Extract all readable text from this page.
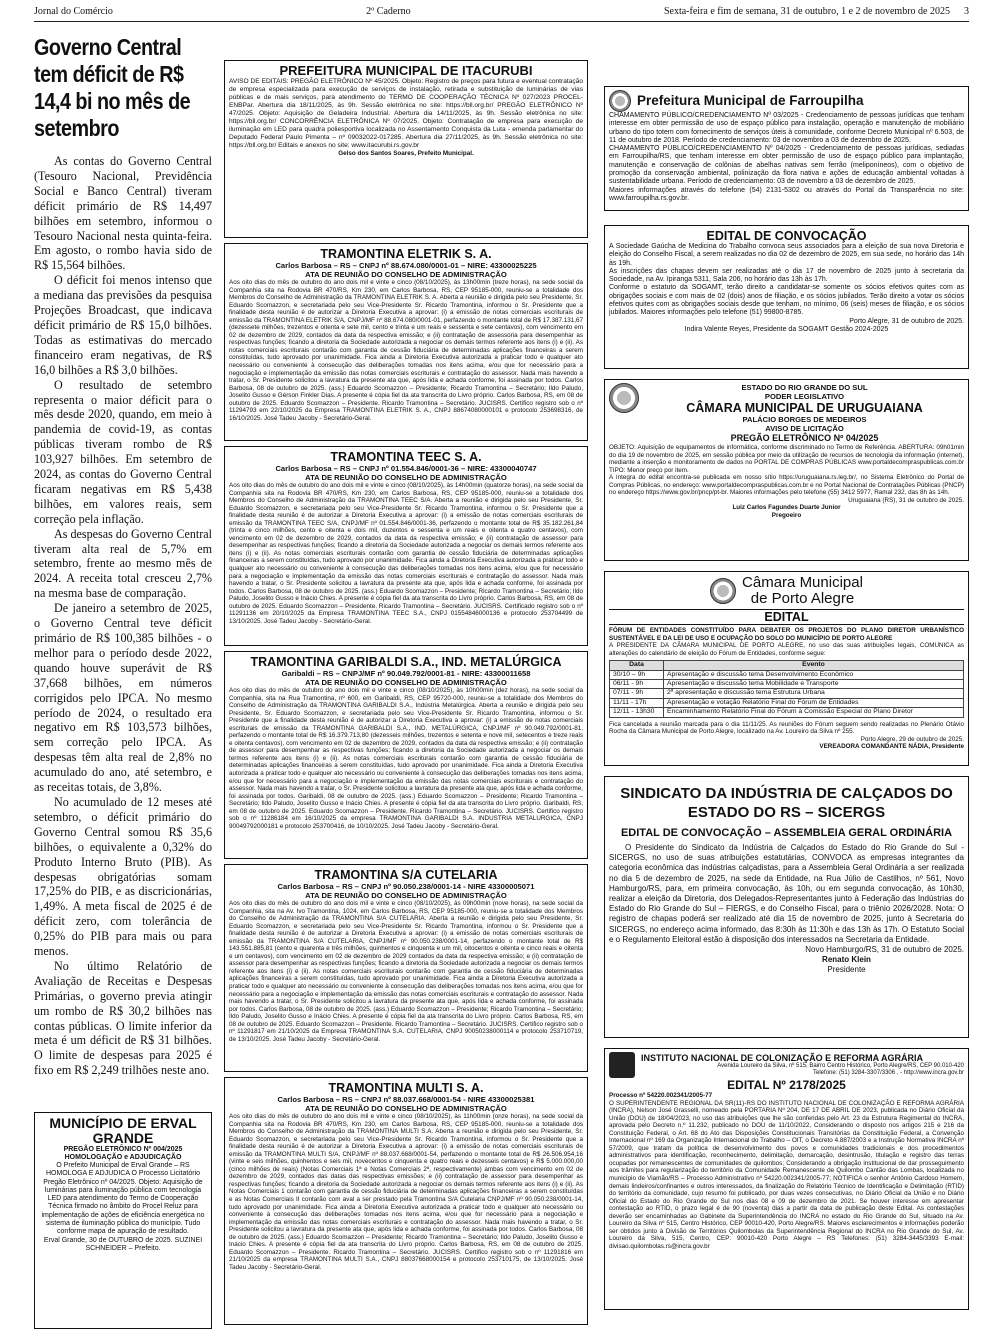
Jornal do Comércio	2º Caderno	Sexta-feira e fim de semana, 31 de outubro, 1 e 2 de novembro de 2025 3
Governo Central tem déficit de R$ 14,4 bi no mês de setembro

As contas do Governo Central (Tesouro Nacional, Previdência Social e Banco Central) tiveram déficit primário de R$ 14,497 bilhões em setembro, informou o Tesouro Nacional nesta quinta-feira. Em agosto, o rombo havia sido de R$ 15,564 bilhões.

O déficit foi menos intenso que a mediana das previsões da pesquisa Projeções Broadcast, que indicava déficit primário de R$ 15,0 bilhões. Todas as estimativas do mercado financeiro eram negativas, de R$ 16,0 bilhões a R$ 3,0 bilhões.

O resultado de setembro representa o maior déficit para o mês desde 2020, quando, em meio à pandemia de covid-19, as contas públicas tiveram rombo de R$ 103,927 bilhões. Em setembro de 2024, as contas do Governo Central ficaram negativas em R$ 5,438 bilhões, em valores reais, sem correção pela inflação.

As despesas do Governo Central tiveram alta real de 5,7% em setembro, frente ao mesmo mês de 2024. A receita total cresceu 2,7% na mesma base de comparação.

De janeiro a setembro de 2025, o Governo Central teve déficit primário de R$ 100,385 bilhões - o melhor para o período desde 2022, quando houve superávit de R$ 37,668 bilhões, em números corrigidos pelo IPCA. No mesmo período de 2024, o resultado era negativo em R$ 103,573 bilhões, sem correção pelo IPCA. As despesas têm alta real de 2,8% no acumulado do ano, até setembro, e as receitas totais, de 3,8%.

No acumulado de 12 meses até setembro, o déficit primário do Governo Central somou R$ 35,6 bilhões, o equivalente a 0,32% do Produto Interno Bruto (PIB). As despesas obrigatórias somam 17,25% do PIB, e as discricionárias, 1,49%. A meta fiscal de 2025 é de déficit zero, com tolerância de 0,25% do PIB para mais ou para menos.

No último Relatório de Avaliação de Receitas e Despesas Primárias, o governo previa atingir um rombo de R$ 30,2 bilhões nas contas públicas. O limite inferior da meta é um déficit de R$ 31 bilhões. O limite de despesas para 2025 é fixo em R$ 2,249 trilhões neste ano.

MUNICÍPIO DE ERVAL GRANDE
PREGÃO ELETRÔNICO Nº 004/2025 HOMOLOGAÇÃO e ADJUDICAÇÃO
O Prefeito Municipal de Erval Grande – RS HOMOLOGA E ADJUDICA O Processo Licitatório Pregão Eletrônico nº 04/2025. Objeto: Aquisição de luminárias para iluminação pública com tecnologia LED para atendimento do Termo de Cooperação Técnica firmado no âmbito do Procel Reluz para implementação de ações de eficiência energética no sistema de iluminação pública do município. Tudo conforme mapa de apuração de resultado.
Erval Grande, 30 de OUTUBRO de 2025. SUZINEI SCHNEIDER – Prefeito.
PREFEITURA MUNICIPAL DE ITACURUBI
AVISO DE EDITAIS: PREGÃO ELETRÔNICO Nº 45/2025. Objeto: Registro de preços para futura e eventual contratação de empresa especializada para execução de serviços de instalação, retirada e substituição de luminárias de vias públicas e de mais serviços, para atendimento do TERMO DE COOPERAÇÃO TÉCNICA Nº 027/2023 PROCEL-ENBPar. Abertura dia 18/11/2025, às 9h. Sessão eletrônica no site: https://bll.org.br/ PREGÃO ELETRÔNICO Nº 47/2025. Objeto: Aquisição de Geladeira Industrial. Abertura dia 14/11/2025, às 9h. Sessão eletrônica no site: https://bll.org.br/ CONCORRÊNCIA ELETRÔNICA Nº 07/2025. Objeto: Contratação de empresa para execução de iluminação em LED para quadra poliesportiva localizada no Assentamento Conquista da Luta - emenda parlamentar do Deputado Federal Paulo Pimenta – nº 09032022-017285. Abertura dia 27/11/2025, às 9h. Sessão eletrônica no site: https://bll.org.br/ Editais e anexos no site: www.itacurubi.rs.gov.br
Gelso dos Santos Soares, Prefeito Municipal.
TRAMONTINA ELETRIK S. A.
Carlos Barbosa – RS – CNPJ nº 88.674.080/0001-01 – NIRE: 43300025225
ATA DE REUNIÃO DO CONSELHO DE ADMINISTRAÇÃO
Aos oito dias do mês de outubro do ano dois mil e vinte e cinco (08/10/2025), às 13h00min (treze horas), na sede social da Companhia sita na Rodovia BR 470/RS, Km 230, em Carlos Barbosa, RS, CEP 95185-000, reuniu-se a totalidade dos Membros do Conselho de Administração da TRAMONTINA ELETRIK S. A. Aberta a reunião e dirigida pelo seu Presidente, Sr. Eduardo Scomazzon, e secretariada pelo seu Vice-Presidente Sr. Ricardo Tramontina, informou o Sr. Presidente que a finalidade desta reunião é de autorizar a Diretoria Executiva a aprovar: (i) a emissão de notas comerciais escriturais de emissão da TRAMONTINA ELETRIK S/A, CNPJ/MF nº 88.674.080/0001-01, perfazendo o montante total de R$ 17.387.131,67 (dezessete milhões, trezentos e oitenta e sete mil, cento e trinta e um reais e sessenta e sete centavos), com vencimento em 02 de dezembro de 2029, contados da data da respectiva emissão; e (ii) contratação de assessoria para desempenhar as respectivas funções; ficando a diretoria da Sociedade autorizada a negociar os demais termos referente aos itens (i) e (ii). As notas comerciais escriturais contarão com garantia de cessão fiduciária de determinadas aplicações financeiras a serem constituídas, tudo aprovado por unanimidade. Fica ainda a Diretoria Executiva autorizada a praticar todo e qualquer ato necessário ou conveniente à consecução das deliberações tomadas nos itens acima, e/ou que for necessário para a negociação e implementação da emissão das notas comerciais escriturais e contratação do assessor. Nada mais havendo a tratar, o Sr. Presidente solicitou a lavratura da presente ata que, após lida e achada conforme, foi assinada por todos. Carlos Barbosa, 08 de outubro de 2025. (ass.) Eduardo Scomazzon – Presidente; Ricardo Tramontina – Secretário; Ildo Paludo, Joselito Gusso e Gérson Finkler Dias. A presente é cópia fiel da ata transcrita do Livro próprio. Carlos Barbosa, RS, em 08 de outubro de 2025. Eduardo Scomazzon – Presidente. Ricardo Tramontina – Secretário. JUCISRS. Certifico registro sob o nº 11294793 em 22/10/2025 da Empresa TRAMONTINA ELETRIK S. A., CNPJ 88674080000101 e protocolo 253698316, de 16/10/2025. José Tadeu Jacoby - Secretário-Geral.
TRAMONTINA TEEC S. A.
Carlos Barbosa – RS – CNPJ nº 01.554.846/0001-36 – NIRE: 43300040747
ATA DE REUNIÃO DO CONSELHO DE ADMINISTRAÇÃO
Aos oito dias do mês de outubro do ano dois mil e vinte e cinco (08/10/2025), às 14h00min (quatorze horas), na sede social da Companhia sita na Rodovia BR 470/RS, Km 230, em Carlos Barbosa, RS, CEP 95185-000, reuniu-se a totalidade dos Membros do Conselho de Administração da TRAMONTINA TEEC S/A. Aberta a reunião e dirigida pelo seu Presidente, Sr. Eduardo Scomazzon, e secretariada pelo seu Vice-Presidente Sr. Ricardo Tramontina, informou o Sr. Presidente que a finalidade desta reunião é de autorizar a Diretoria Executiva a aprovar: (i) a emissão de notas comerciais escriturais de emissão da TRAMONTINA TEEC S/A, CNPJ/MF nº 01.554.846/0001-36, perfazendo o montante total de R$ 35.182.261,84 (trinta e cinco milhões, cento e oitenta e dois mil, duzentos e sessenta e um reais e oitenta e quatro centavos), com vencimento em 02 de dezembro de 2029, contados da data da respectiva emissão; e (ii) contratação de assessor para desempenhar as respectivas funções; ficando a diretoria da Sociedade autorizada a negociar os demais termos referente aos itens (i) e (ii). As notas comerciais escriturais contarão com garantia de cessão fiduciária de determinadas aplicações financeiras a serem constituídas, tudo aprovado por unanimidade. Fica ainda a Diretoria Executiva autorizada a praticar todo e qualquer ato necessário ou conveniente à consecução das deliberações tomadas nos itens acima, e/ou que for necessário para a negociação e implementação da emissão das notas comerciais escriturais e contratação do assessor. Nada mais havendo a tratar, o Sr. Presidente solicitou a lavratura da presente ata que, após lida e achada conforme, foi assinada por todos. Carlos Barbosa, 08 de outubro de 2025. (ass.) Eduardo Scomazzon – Presidente; Ricardo Tramontina – Secretário; Ildo Paludo, Joselito Gusso e Inácio Chies. A presente é cópia fiel da ata transcrita do Livro próprio. Carlos Barbosa, RS, em 08 de outubro de 2025. Eduardo Scomazzon – Presidente. Ricardo Tramontina – Secretário. JUCISRS. Certificado registro sob o nº 11291136 em 20/10/2025 da Empresa TRAMONTINA TEEC S.A., CNPJ 01554846000136 e protocolo 253704499 de 13/10/2025. José Tadeu Jacoby - Secretário-Geral.
TRAMONTINA GARIBALDI S.A., IND. METALÚRGICA
Garibaldi – RS – CNPJ/MF nº 90.049.792/0001-81 - NIRE: 43300011658
ATA DE REUNIÃO DO CONSELHO DE ADMINISTRAÇÃO
Aos oito dias do mês de outubro do ano dois mil e vinte e cinco (08/10/2025), às 10h00min (dez horas), na sede social da Companhia, sita na Rua Tramontina, nº 600, em Garibaldi, RS, CEP 95720-000, reuniu-se a totalidade dos Membros do Conselho de Administração da TRAMONTINA GARIBALDI S.A., Indústria Metalúrgica. Aberta a reunião e dirigida pelo seu Presidente, Sr. Eduardo Scomazzon, e secretariada pelo seu Vice-Presidente Sr. Ricardo Tramontina, informou o Sr. Presidente que a finalidade desta reunião é de autorizar a Diretoria Executiva a aprovar: (i) a emissão de notas comerciais escriturais de emissão da TRAMONTINA GARIBALDI S.A., IND. METALÚRGICA, CNPJ/MF nº 90.049.792/0001-81, perfazendo o montante total de R$ 16.379.713,80 (dezesseis milhões, trezentos e setenta e nove mil, setecentos e treze reais e oitenta centavos), com vencimento em 02 de dezembro de 2029, contados da data da respectiva emissão; e (ii) contratação de assessor para desempenhar as respectivas funções; ficando a diretoria da Sociedade autorizada a negociar os demais termos referente aos itens (i) e (ii). As notas comerciais escriturais contarão com garantia de cessão fiduciária de determinadas aplicações financeiras a serem constituídas, tudo aprovado por unanimidade. Fica ainda a Diretoria Executiva autorizada a praticar todo e qualquer ato necessário ou conveniente à consecução das deliberações tomadas nos itens acima, e/ou que for necessário para a negociação e implementação da emissão das notas comerciais escriturais e contratação do assessor. Nada mais havendo a tratar, o Sr. Presidente solicitou a lavratura da presente ata que, após lida e achada conforme, foi assinada por todos. Garibaldi, 08 de outubro de 2025. (ass.) Eduardo Scomazzon – Presidente; Ricardo Tramontina – Secretário; Ildo Paludo, Joselito Gusso e Inácio Chies. A presente é cópia fiel da ata transcrita do Livro próprio. Garibaldi, RS, em 08 de outubro de 2025. Eduardo Scomazzon – Presidente. Ricardo Tramontina – Secretário. JUCISRS. Certifico registro sob o nº 11286184 em 16/10/2025 da empresa TRAMONTINA GARIBALDI S.A. INDUSTRIA METALURGICA, CNPJ 90049792000181 e protocolo 253700416, de 10/10/2025. José Tadeu Jacoby - Secretário-Geral.
TRAMONTINA S/A CUTELARIA
Carlos Barbosa – RS – CNPJ nº 90.050.238/0001-14 - NIRE 43300005071
ATA DE REUNIÃO DO CONSELHO DE ADMINISTRAÇÃO
Aos oito dias do mês de outubro do ano dois mil e vinte e cinco (08/10/2025), às 09h00min (nove horas), na sede social da Companhia, sita na Av. Ivo Tramontina, 1024, em Carlos Barbosa, RS, CEP 95185-000, reuniu-se a totalidade dos Membros do Conselho de Administração da TRAMONTINA S/A CUTELARIA. Aberta a reunião e dirigida pelo seu Presidente, Sr. Eduardo Scomazzon, e secretariada pelo seu Vice-Presidente Sr. Ricardo Tramontina, informou o Sr. Presidente que a finalidade desta reunião é de autorizar a Diretoria Executiva a aprovar: (i) a emissão de notas comerciais escriturais de emissão da TRAMONTINA S/A CUTELARIA, CNPJ/MF nº 90.050.238/0001-14, perfazendo o montante total de R$ 143.551.885,81 (cento e quarenta e três milhões, quinhentos e cinquenta e um mil, oitocentos e oitenta e cinco reais e oitenta e um centavos), com vencimento em 02 de dezembro de 2029 contados da data da respectiva emissão; e (ii) contratação de assessor para desempenhar as respectivas funções; ficando a diretoria da Sociedade autorizada a negociar os demais termos referente aos itens (i) e (ii). As notas comerciais escriturais contarão com garantia de cessão fiduciária de determinadas aplicações financeiras a serem constituídas, tudo aprovado por unanimidade. Fica ainda a Diretoria Executiva autorizada a praticar todo e qualquer ato necessário ou conveniente à consecução das deliberações tomadas nos itens acima, e/ou que for necessário para a negociação e implementação da emissão das notas comerciais escriturais e contratação do assessor. Nada mais havendo a tratar, o Sr. Presidente solicitou a lavratura da presente ata que, após lida e achada conforme, foi assinada por todos. Carlos Barbosa, 08 de outubro de 2025. (ass.) Eduardo Scomazzon – Presidente; Ricardo Tramontina – Secretário; Ildo Paludo, Joselito Gusso e Inácio Chies. A presente é cópia fiel da ata transcrita do Livro próprio. Carlos Barbosa, RS, em 08 de outubro de 2025. Eduardo Scomazzon – Presidente. Ricardo Tramontina – Secretário. JUCISRS. Certifico registro sob o nº 11291817 em 21/10/2025 da Empresa TRAMONTINA S.A. CUTELARIA, CNPJ 90050238000114 e protocolo 253710719, de 13/10/2025. José Tadeu Jacoby - Secretário-Geral.
TRAMONTINA MULTI S. A.
Carlos Barbosa – RS – CNPJ nº 88.037.668/0001-54 - NIRE 43300025381
ATA DE REUNIÃO DO CONSELHO DE ADMINISTRAÇÃO
Aos oito dias do mês de outubro do ano dois mil e vinte e cinco (08/10/2025), às 11h00min (onze horas), na sede social da Companhia sita na Rodovia BR 470/RS, Km 230, em Carlos Barbosa, RS, CEP 95185-000, reuniu-se a totalidade dos Membros do Conselho de Administração da TRAMONTINA MULTI S.A. Aberta a reunião e dirigida pelo seu Presidente, Sr. Eduardo Scomazzon, e secretariada pelo seu Vice-Presidente Sr. Ricardo Tramontina, informou o Sr. Presidente que a finalidade desta reunião é de autorizar a Diretoria Executiva a aprovar: (i) a emissão de notas comerciais escriturais de emissão da TRAMONTINA MULTI S/A, CNPJ/MF nº 88.037.668/0001-54, perfazendo o montante total de R$ 26.506.954,16 (vinte e seis milhões, quinhentos e seis mil, novecentos e cinquenta e quatro reais e dezesseis centavos) e R$ 5.000.000,00 (cinco milhões de reais) (Notas Comerciais 1ª e Notas Comerciais 2ª, respectivamente) ambas com vencimento em 02 de dezembro de 2029, contados das datas das respectivas emissões; e (ii) contratação de assessor para desempenhar as respectivas funções; ficando a diretoria da Sociedade autorizada a negociar os demais termos referente aos itens (i) e (ii). As Notas Comerciais 1 contarão com garantia de cessão fiduciária de determinadas aplicações financeiras a serem constituídas e as Notas Comerciais II contarão com aval a ser prestado pela Tramontina S/A Cutelaria CNPJ/MF nº 90.050.238/0001-14, tudo aprovado por unanimidade. Fica ainda a Diretoria Executiva autorizada a praticar todo e qualquer ato necessário ou conveniente à consecução das deliberações tomadas nos itens acima, e/ou que for necessário para a negociação e implementação da emissão das notas comerciais escriturais e contratação do assessor. Nada mais havendo a tratar, o Sr. Presidente solicitou a lavratura da presente ata que, após lida e achada conforme, foi assinada por todos. Carlos Barbosa, 08 de outubro de 2025. (ass.) Eduardo Scomazzon – Presidente; Ricardo Tramontina – Secretário; Ildo Paludo, Joselito Gusso e Inácio Chies. A presente é cópia fiel da ata transcrita do Livro próprio. Carlos Barbosa, RS, em 08 de outubro de 2025. Eduardo Scomazzon – Presidente. Ricardo Tramontina – Secretário. JUCISRS. Certifico registro sob o nº 11291816 em 21/10/2025 da empresa TRAMONTINA MULTI S.A., CNPJ 88037668000154 e protocolo 253710175, de 13/10/2025. José Tadeu Jacoby - Secretário-Geral.
Prefeitura Municipal de Farroupilha
CHAMAMENTO PÚBLICO/CREDENCIAMENTO Nº 03/2025 - Credenciamento de pessoas jurídicas que tenham interesse em obter permissão de uso de espaço público para instalação, operação e manutenção de mobiliário urbano do tipo totem com fornecimento de serviços úteis à comunidade, conforme Decreto Municipal nº 6.503, de 11 de outubro de 2018. Período de credenciamento: 03 de novembro a 03 de dezembro de 2025.
CHAMAMENTO PÚBLICO/CREDENCIAMENTO Nº 04/2025 - Credenciamento de pessoas jurídicas, sediadas em Farroupilha/RS, que tenham interesse em obter permissão de uso de espaço público para implantação, manutenção e conservação de colônias de abelhas nativas sem ferrão (meliponíneos), com o objetivo de promoção da conservação ambiental, polinização da flora nativa e ações de educação ambiental voltadas à sustentabilidade urbana. Período de credenciamento: 03 de novembro a 03 de dezembro de 2025.
Maiores informações através do telefone (54) 2131-5302 ou através do Portal da Transparência no site: www.farroupilha.rs.gov.br.
EDITAL DE CONVOCAÇÃO
A Sociedade Gaúcha de Medicina do Trabalho convoca seus associados para a eleição de sua nova Diretoria e eleição do Conselho Fiscal, a serem realizadas no dia 02 de dezembro de 2025, em sua sede, no horário das 14h às 19h.
As inscrições das chapas devem ser realizadas até o dia 17 de novembro de 2025 junto à secretaria da Sociedade, na Av. Ipiranga 5311, Sala 206, no horário das 13h às 17h.
Conforme o estatuto da SOGAMT, terão direito a candidatar-se somente os sócios efetivos quites com as obrigações sociais e com mais de 02 (dois) anos de filiação, e os sócios jubilados. Terão direito a votar os sócios efetivos quites com as obrigações sociais desde que tenham, no mínimo, 06 (seis) meses de filiação, e os sócios jubilados. Maiores informações pelo telefone (51) 99800-8785.
Porto Alegre, 31 de outubro de 2025.
Indira Valente Reyes, Presidente da SOGAMT Gestão 2024-2025
ESTADO DO RIO GRANDE DO SUL
PODER LEGISLATIVO
CÂMARA MUNICIPAL DE URUGUAIANA
PALÁCIO BORGES DE MEDEIROS
AVISO DE LICITAÇÃO
PREGÃO ELETRÔNICO Nº 04/2025
OBJETO: Aquisição de equipamentos de informática, conforme discriminado no Termo de Referência. ABERTURA: 09h01min do dia 19 de novembro de 2025, em sessão pública por meio da utilização de recursos de tecnologia da informação (internet), mediante a inserção e monitoramento de dados no PORTAL DE COMPRAS PÚBLICAS www.portaldecompraspublicas.com.br TIPO: Menor preço por item.
A íntegra do edital encontra-se publicada em nosso sítio https://uruguaiana.rs.leg.br/, no Sistema Eletrônico do Portal de Compras Públicas, no endereço: www.portaldecompraspublicas.com.br e no Portal Nacional de Contratações Públicas (PNCP) no endereço https://www.gov.br/pncp/pt-br. Maiores informações pelo telefone (55) 3412 5977, Ramal 232, das 8h às 14h.
Uruguaiana (RS), 31 de outubro de 2025.
Luiz Carlos Fagundes Duarte Junior
Pregoeiro
Câmara Municipal
de Porto Alegre
EDITAL
FÓRUM DE ENTIDADES CONSTITUÍDO PARA DEBATER OS PROJETOS DO PLANO DIRETOR URBANÍSTICO SUSTENTÁVEL E DA LEI DE USO E OCUPAÇÃO DO SOLO DO MUNICÍPIO DE PORTO ALEGRE
A PRESIDENTE DA CÂMARA MUNICIPAL DE PORTO ALEGRE, no uso das suas atribuições legais, COMUNICA as alterações do calendário de eleição do Fórum de Entidades, conforme segue:
Data	Evento
30/10 – 9h	Apresentação e discussão tema Desenvolvimento Econômico
06/11 - 9h	Apresentação e discussão tema Mobilidade e Transporte
07/11 - 9h	2ª apresentação e discussão tema Estrutura Urbana
11/11 - 17h	Apresentação e votação Relatório Final do Fórum de Entidades
12/11 - 13h30	Encaminhamento Relatório Final do Fórum à Comissão Especial do Plano Diretor
Fica cancelada a reunião marcada para o dia 11/11/25. As reuniões do Fórum seguem sendo realizadas no Plenário Otávio Rocha da Câmara Municipal de Porto Alegre, localizado na Av. Loureiro da Silva nº 255.
Porto Alegre, 29 de outubro de 2025.
VEREADORA COMANDANTE NÁDIA, Presidente
SINDICATO DA INDÚSTRIA DE CALÇADOS DO ESTADO DO RS – SICERGS
EDITAL DE CONVOCAÇÃO – ASSEMBLEIA GERAL ORDINÁRIA
O Presidente do Sindicato da Indústria de Calçados do Estado do Rio Grande do Sul - SICERGS, no uso de suas atribuições estatutárias, CONVOCA as empresas integrantes da categoria econômica das indústrias calçadistas, para a Assembleia Geral Ordinária a ser realizada no dia 5 de dezembro de 2025, na sede da Entidade, na Rua Júlio de Castilhos, nº 561, Novo Hamburgo/RS, para, em primeira convocação, às 10h, ou em segunda convocação, às 10h30, realizar a eleição da Diretoria, dos Delegados-Representantes junto à Federação das Indústrias do Estado do Rio Grande do Sul – FIERGS, e do Conselho Fiscal, para o triênio 2026/2028. Nota: O registro de chapas poderá ser realizado até dia 15 de novembro de 2025, junto à Secretaria do SICERGS, no endereço acima informado, das 8:30h às 11:30h e das 13h às 17h. O Estatuto Social e o Regulamento Eleitoral estão à disposição dos interessados na Secretaria da Entidade.
Novo Hamburgo/RS, 31 de outubro de 2025.
Renato Klein
Presidente
INSTITUTO NACIONAL DE COLONIZAÇÃO E REFORMA AGRÁRIA
Avenida Loureiro da Silva, nº 515, Bairro Centro Histórico, Porto Alegre/RS, CEP 90.010-420
Telefone: (51) 3284-3307/3306 , - http://www.incra.gov.br
EDITAL Nº 2178/2025
Processo nº 54220.002341/2005-77
O SUPERINTENDENTE REGIONAL DA SR(11)-RS DO INSTITUTO NACIONAL DE COLONIZAÇÃO E REFORMA AGRÁRIA (INCRA), Nelson José Grasselli, nomeado pela PORTARIA Nº 204, DE 17 DE ABRIL DE 2023, publicada no Diário Oficial da União (DOU) de 18/04/2023, no uso das atribuições que lhe são conferidas pelo Art. 23 da Estrutura Regimental do INCRA, aprovada pelo Decreto n.º 11.232, publicado no DOU de 11/10/2022, Considerando o disposto nos artigos 215 e 216 da Constituição Federal, o Art. 68 do Ato das Disposições Constitucionais Transitórias da Constituição Federal, a Convenção Internacional nº 169 da Organização Internacional do Trabalho – OIT, o Decreto 4.887/2003 e a Instrução Normativa INCRA nº 57/2009, que tratam da política de desenvolvimento dos povos e comunidades tradicionais e dos procedimentos administrativos para identificação, reconhecimento, delimitação, demarcação, desintrusão, titulação e registro das terras ocupadas por remanescentes de comunidades de quilombos; Considerando a obrigação institucional de dar prosseguimento aos trâmites para regularização do território da Comunidade Remanescente de Quilombo Cantão das Lombas, localizada no município de Viamão/RS – Processo Administrativo nº 54220.002341/2005-77; NOTIFICA o senhor Antônio Cardoso Homem, demais lindeiros/confinantes e outros interessados, da finalização do Relatório Técnico de Identificação e Delimitação (RTID) do território da comunidade, cujo resumo foi publicado, por duas vezes consecutivas, no Diário Oficial da União e no Diário Oficial do Estado do Rio Grande do Sul nos dias 08 e 09 de dezembro de 2021. Se houver interesse em apresentar contestação ao RTID, o prazo legal é de 90 (noventa) dias a partir da data de publicação deste Edital. As contestações deverão ser encaminhadas ao Gabinete da Superintendência do INCRA no estado do Rio Grande do Sul, situado na Av. Loureiro da Silva nº 515, Centro Histórico, CEP 90010-420, Porto Alegre/RS. Maiores esclarecimentos e informações poderão ser obtidos junto à Divisão de Territórios Quilombolas da Superintendência Regional do INCRA no Rio Grande do Sul, Av. Loureiro da Silva, 515, Centro, CEP: 90010-420 Porto Alegre – RS Telefones: (51) 3284-3445/3393 E-mail: divisao.quilombolas.rs@incra.gov.br
